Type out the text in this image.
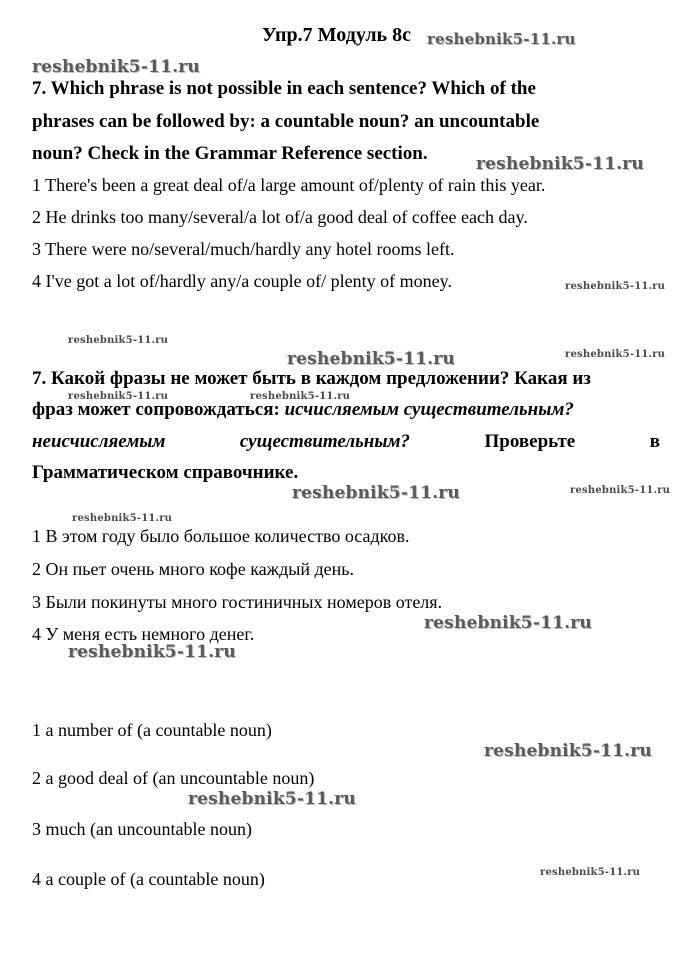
Упр.7 Модуль 8с reshebnik5-11.ru
reshebnik5-11.ru
7. Which phrase is not possible in each sentence? Which of the
phrases can be followed by: a countable noun? an uncountable
noun? Check in the Grammar Reference section.	reshebnik5-11.ru
1 There's been a great deal of/a large amount of/plenty of rain this year.
2 He drinks too many/several/a lot of/a good deal of coffee each day.
3 There were no/several/much/hardly any hotel rooms left.
4 I've got a lot of/hardly any/a couple of/ plenty of money.	reshebnik5-11.ru
reshebnik5-11.ru
reshebnik5-11.ru	reshebnik5-11.ru
7. Какой фразы не может быть в каждом предложении? Какая из
reshebnik5-11.ru	reshebnik5-11.ru
фраз может сопровождаться: исчисляемым существительным?
неисчисляемым	существительным?	Проверьте	в
Грамматическом справочнике.
reshebnik5-11.ru	reshebnik5-11.ru
reshebnik5-11.ru
1 В этом году было большое количество осадков.
2 Он пьет очень много кофе каждый день.
3 Были покинуты много гостиничных номеров отеля.
reshebnik5-11.ru
4 У меня есть немного денег.
reshebnik5-11.ru
1 a number of (a countable noun)
reshebnik5-11.ru
2 a good deal of (an uncountable noun)
reshebnik5-11.ru
3 much (an uncountable noun)
4 a couple of (a countable noun)	reshebnik5-11.ru
